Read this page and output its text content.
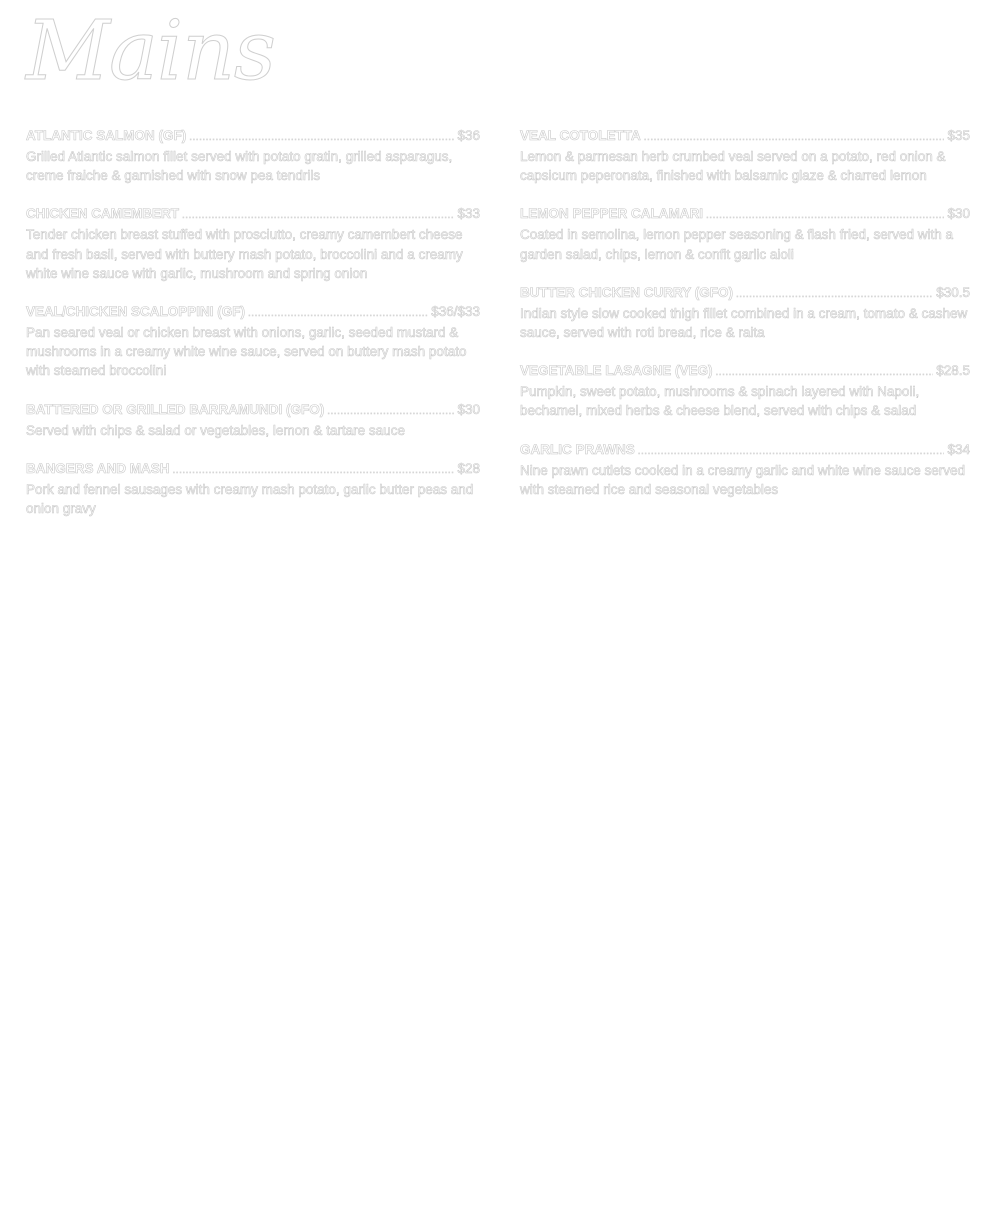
Mains
ATLANTIC SALMON (GF) .....	$36

Grilled Atlantic salmon fillet served with potato gratin, grilled asparagus, creme fraiche & garnished with snow pea tendrils

CHICKEN CAMEMBERT .....	$33

Tender chicken breast stuffed with prosciutto, creamy camembert cheese and fresh basil, served with buttery mash potato, broccolini and a creamy white wine sauce with garlic, mushroom and spring onion

VEAL/CHICKEN SCALOPPINI (GF) .....	$36/$33

Pan seared veal or chicken breast with onions, garlic, seeded mustard & mushrooms in a creamy white wine sauce, served on buttery mash potato with steamed broccolini

BATTERED OR GRILLED BARRAMUNDI (GFO) .....	$30

Served with chips & salad or vegetables, lemon & tartare sauce

BANGERS AND MASH .....	$28

Pork and fennel sausages with creamy mash potato, garlic butter peas and onion gravy

VEAL COTOLETTA .....	$35

Lemon & parmesan herb crumbed veal served on a potato, red onion & capsicum peperonata, finished with balsamic glaze & charred lemon

LEMON PEPPER CALAMARI .....	$30

Coated in semolina, lemon pepper seasoning & flash fried, served with a garden salad, chips, lemon & confit garlic aioli

BUTTER CHICKEN CURRY (GFO) .....	$30.5

Indian style slow cooked thigh fillet combined in a cream, tomato & cashew sauce, served with roti bread, rice & raita

VEGETABLE LASAGNE (VEG) .....	$28.5

Pumpkin, sweet potato, mushrooms & spinach layered with Napoli, bechamel, mixed herbs & cheese blend, served with chips & salad

GARLIC PRAWNS .....	$34

Nine prawn cutlets cooked in a creamy garlic and white wine sauce served with steamed rice and seasonal vegetables
